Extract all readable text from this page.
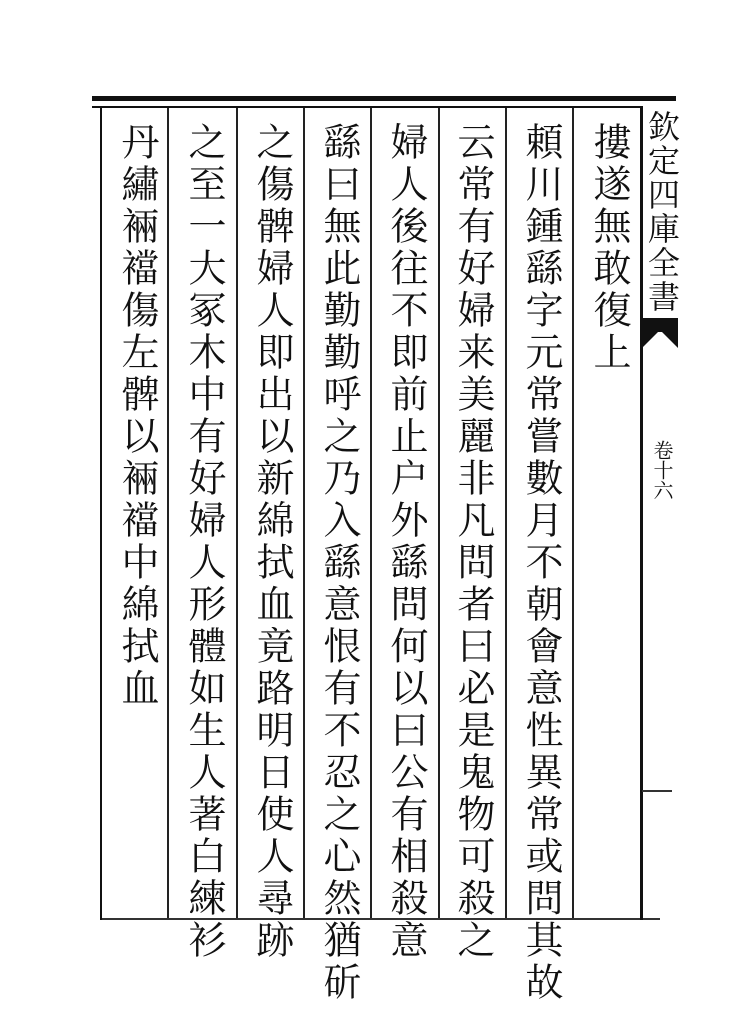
摟遂無敢復上
頼川鍾繇字元常嘗數月不朝會意性異常或問其故
云常有好婦来美麗非凡問者曰必是鬼物可殺之
婦人後往不即前止户外繇問何以曰公有相殺意
繇曰無此勤勤呼之乃入繇意恨有不忍之心然猶斫
之傷髀婦人即出以新綿拭血竟路明日使人尋跡
之至一大冢木中有好婦人形體如生人著白練衫
丹繡裲襠傷左髀以裲襠中綿拭血	欽定四庫全書
卷十六
